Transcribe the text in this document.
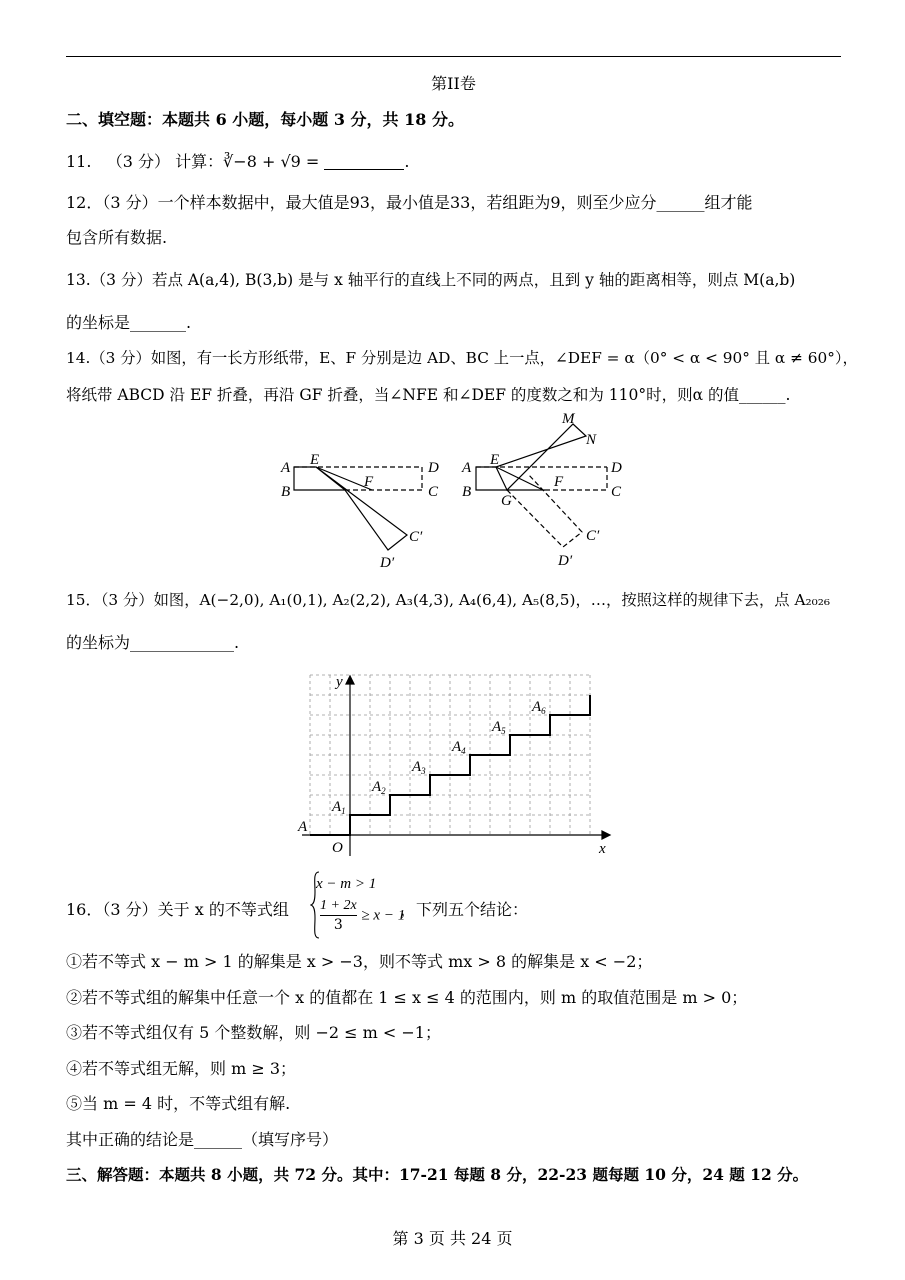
第II卷
二、填空题：本题共 6 小题，每小题 3 分，共 18 分。
11. （3 分） 计算：∛−8 + √9 =	.
12．（3 分）一个样本数据中，最大值是93，最小值是33，若组距为9，则至少应分______组才能
包含所有数据.
13.（3 分）若点 A(a,4), B(3,b) 是与 x 轴平行的直线上不同的两点，且到 y 轴的距离相等，则点 M(a,b)
的坐标是_______.
14.（3 分）如图，有一长方形纸带，E、F 分别是边 AD、BC 上一点，∠DEF = α（0° < α < 90° 且 α ≠ 60°），
将纸带 ABCD 沿 EF 折叠，再沿 GF 折叠，当∠NFE 和∠DEF 的度数之和为 110°时，则α 的值______.
A E	D
B
F
C
C′
D′
A E	D
B
G
F
C
M
N
C′
D′
15．（3 分）如图，A(−2,0), A₁(0,1), A₂(2,2), A₃(4,3), A₄(6,4), A₅(8,5)，…，按照这样的规律下去，点 A₂₀₂₆
的坐标为_____________.
x
y
O
A
$A_1$
$A_2$
$A_3$
$A_4$
$A_5$
$A_6$
16．（3 分）关于 x 的不等式组
x − m > 1
$\frac{1 + 2x}{3} \ge x - 1$
，下列五个结论：
①若不等式 x − m > 1 的解集是 x > −3，则不等式 mx > 8 的解集是 x < −2；
②若不等式组的解集中任意一个 x 的值都在 1 ≤ x ≤ 4 的范围内，则 m 的取值范围是 m > 0；
③若不等式组仅有 5 个整数解，则 −2 ≤ m < −1；
④若不等式组无解，则 m ≥ 3；
⑤当 m = 4 时，不等式组有解.
其中正确的结论是______（填写序号）
三、解答题：本题共 8 小题，共 72 分。其中：17-21 每题 8 分，22-23 题每题 10 分，24 题 12 分。
第 3 页 共 24 页
